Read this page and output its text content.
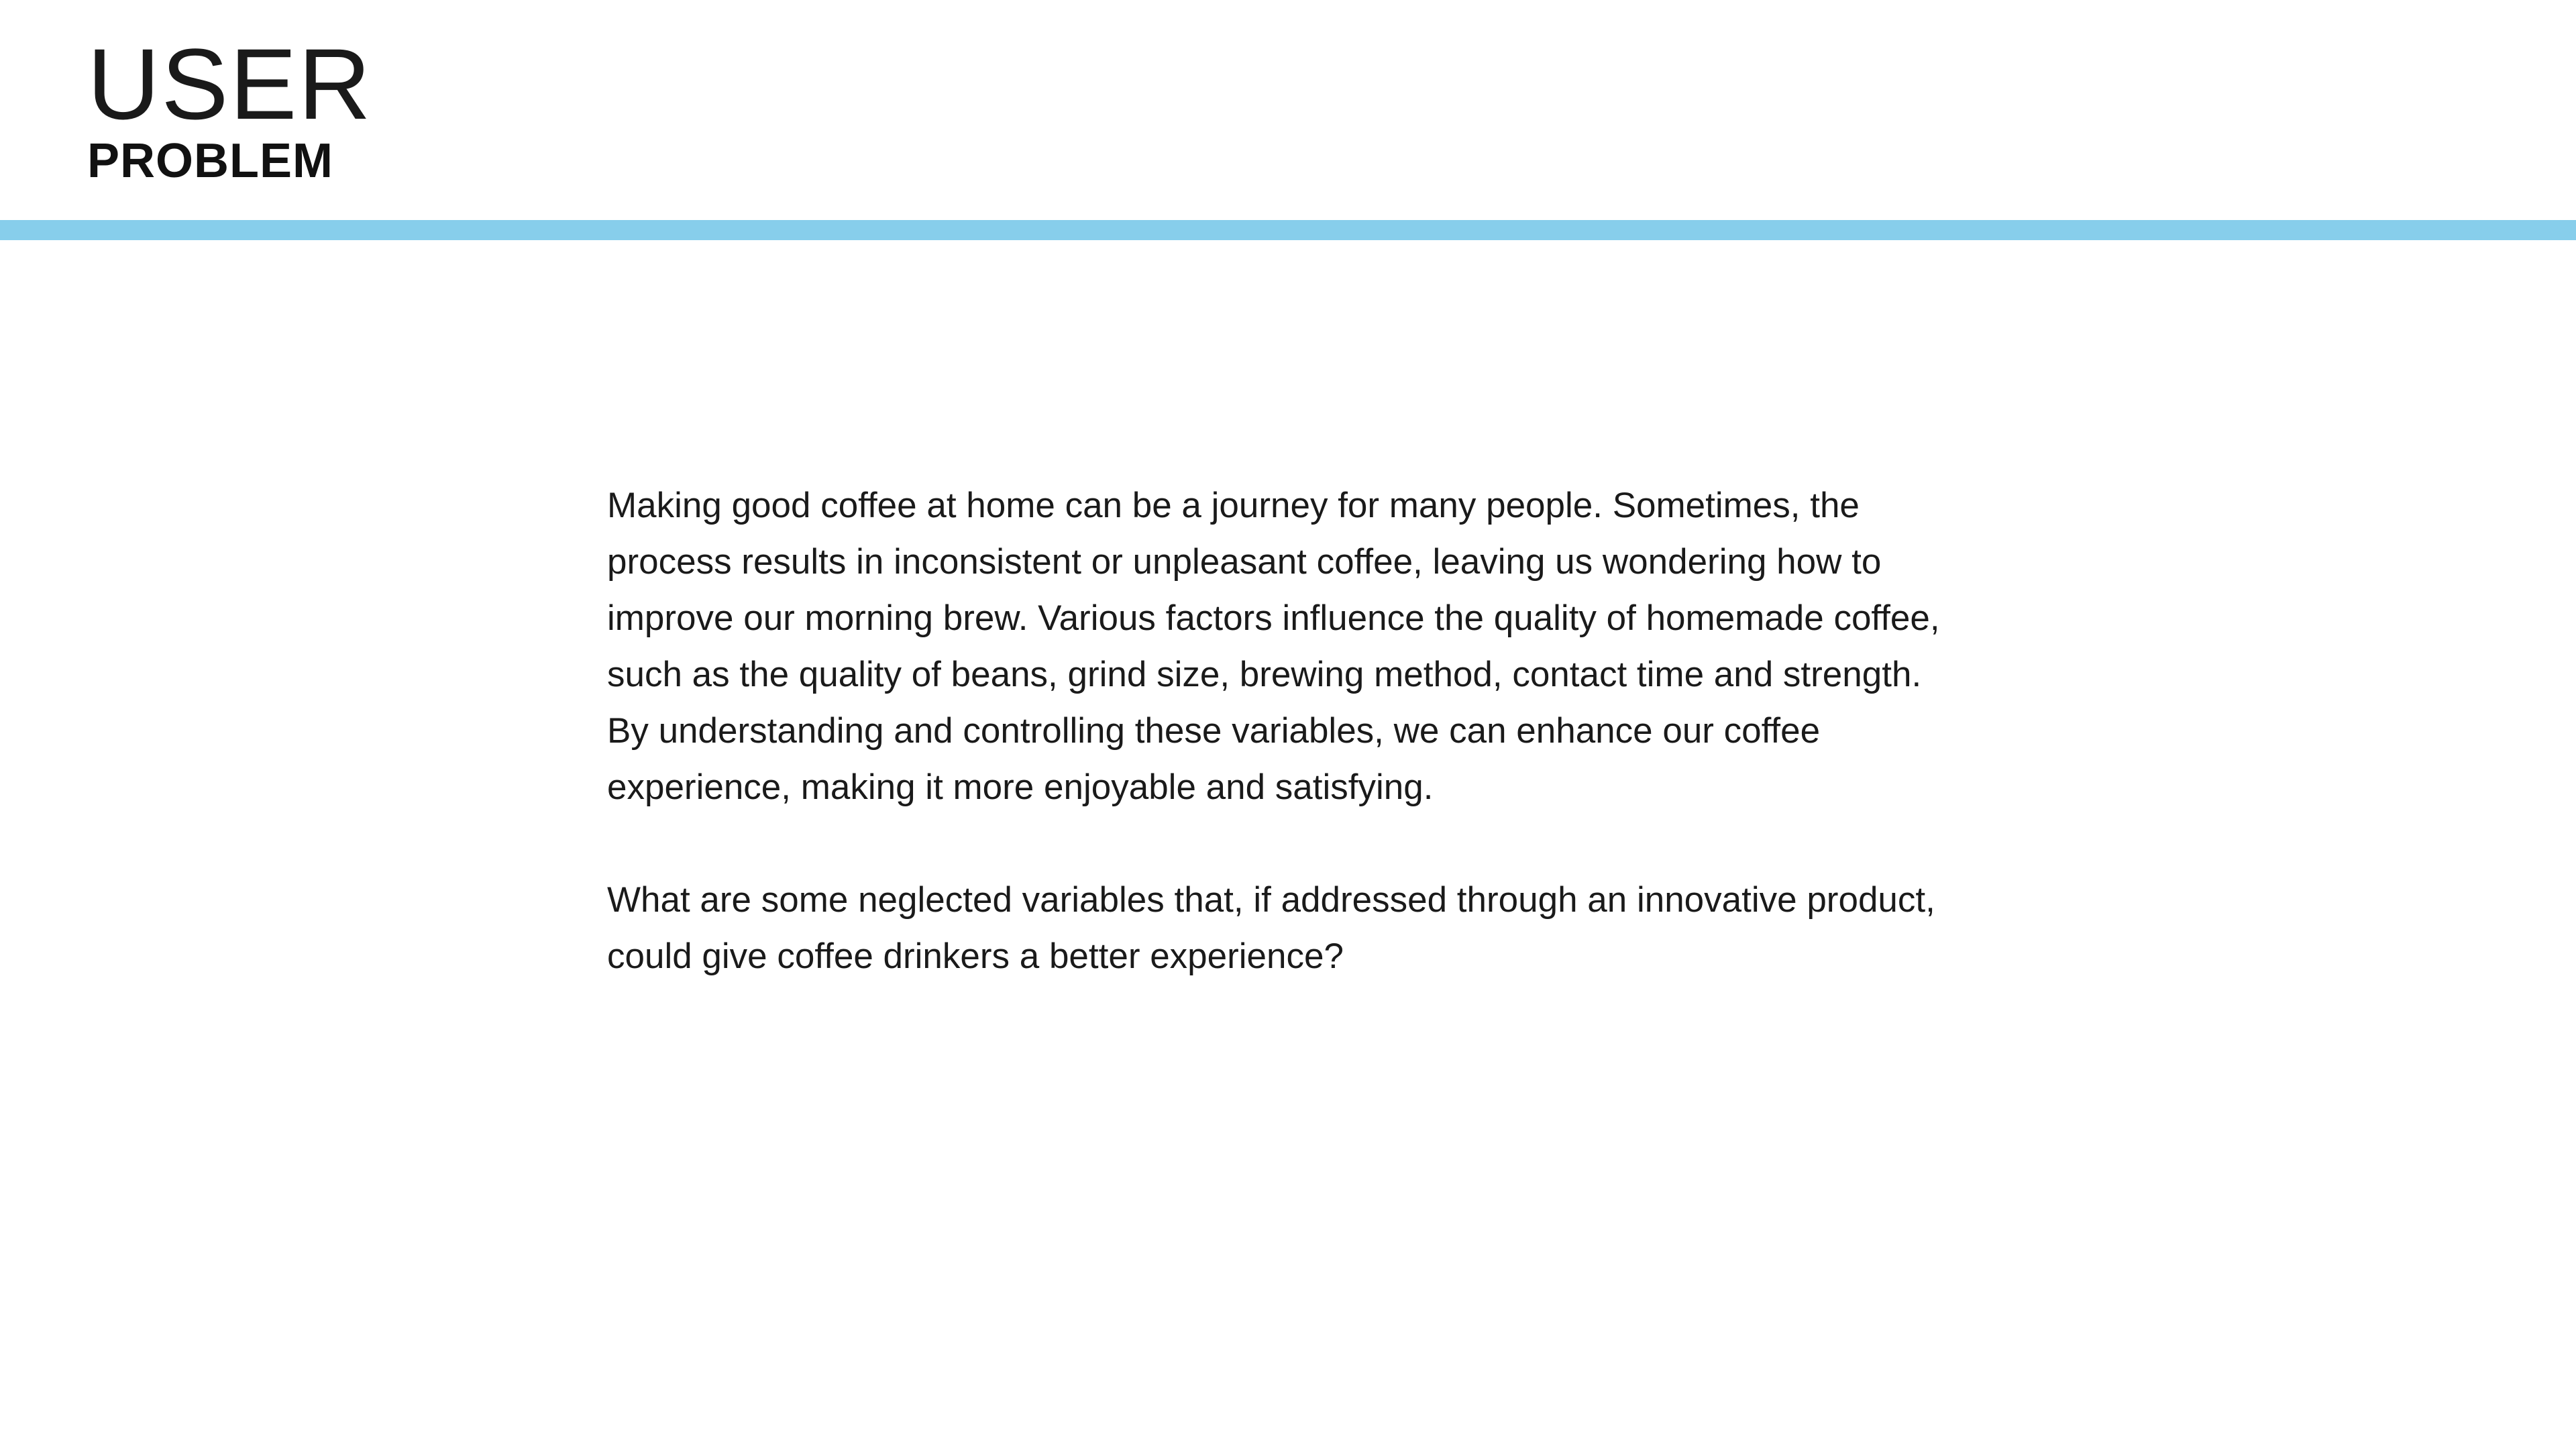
USER
PROBLEM

Making good coffee at home can be a journey for many people. Sometimes, the process results in inconsistent or unpleasant coffee, leaving us wondering how to improve our morning brew. Various factors influence the quality of homemade coffee, such as the quality of beans, grind size, brewing method, contact time and strength. By understanding and controlling these variables, we can enhance our coffee experience, making it more enjoyable and satisfying.

What are some neglected variables that, if addressed through an innovative product, could give coffee drinkers a better experience?
